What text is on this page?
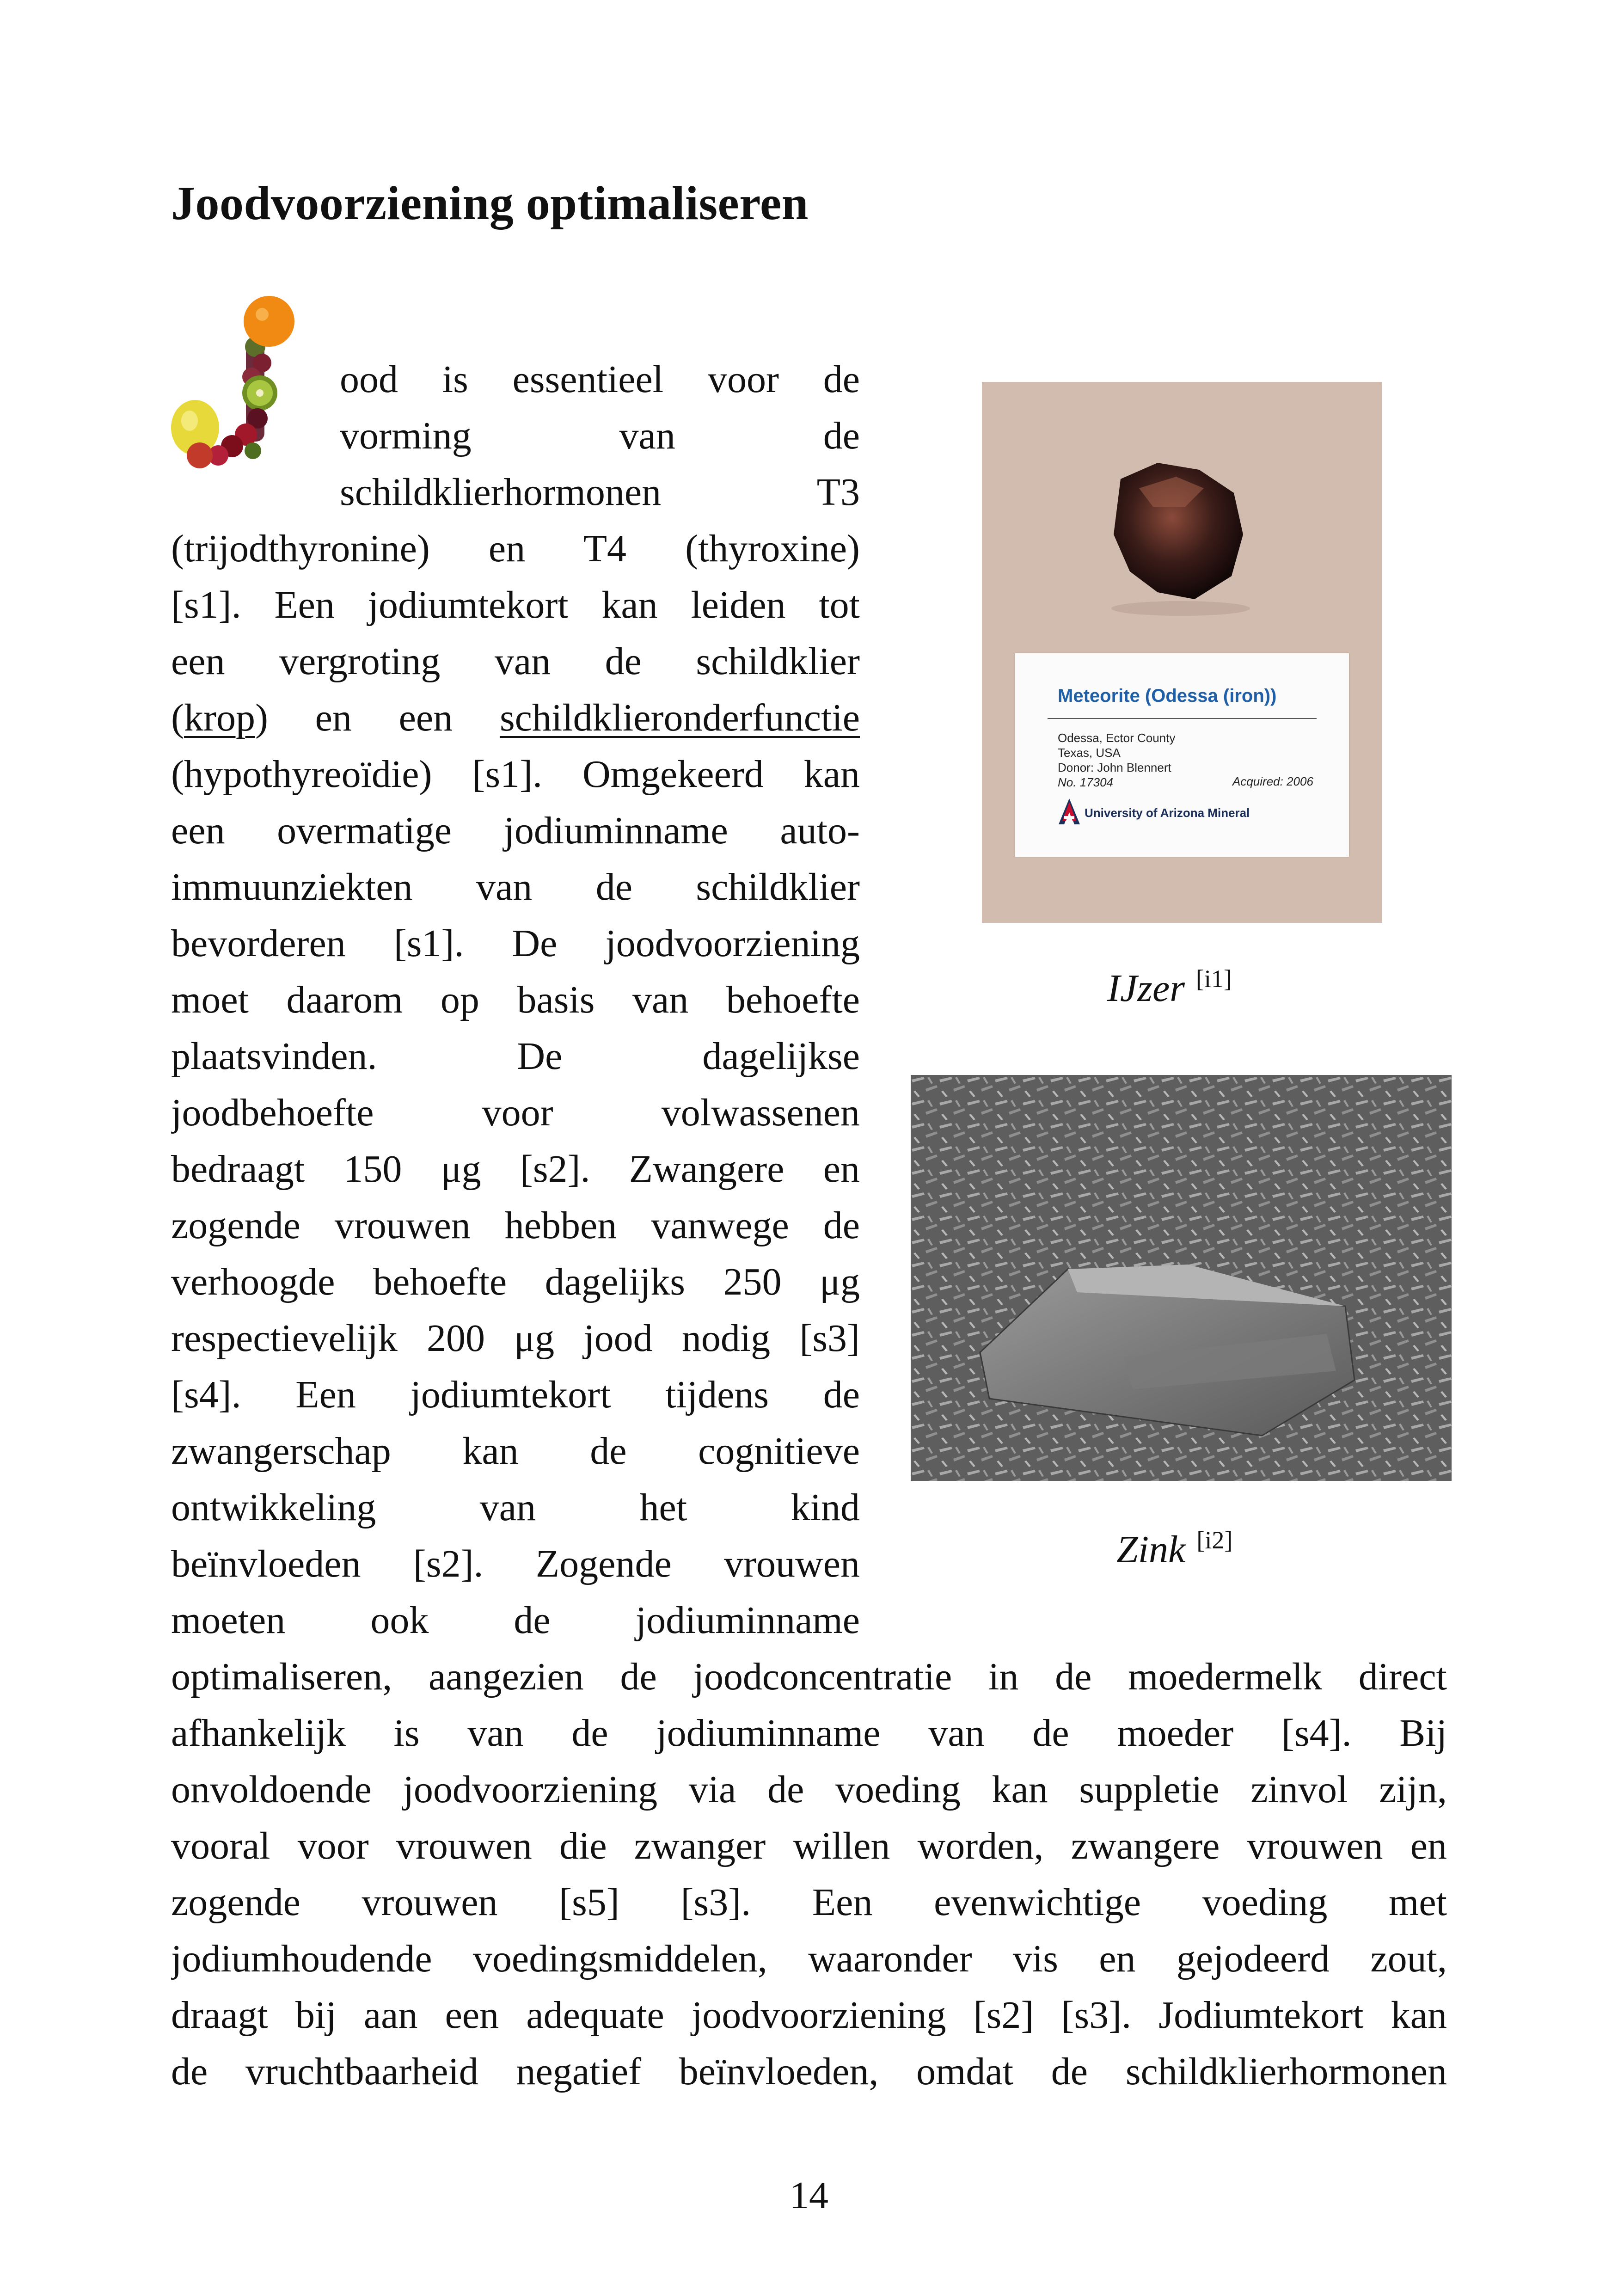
Joodvoorziening optimaliseren
ood is essentieel voor de
vorming van de
schildklierhormonen T3
(trijodthyronine) en T4 (thyroxine)
[s1]. Een jodiumtekort kan leiden tot
een vergroting van de schildklier
(krop) en een schildklieronderfunctie
(hypothyreoïdie) [s1]. Omgekeerd kan
een overmatige jodiuminname auto-
immuunziekten van de schildklier
bevorderen [s1]. De joodvoorziening
moet daarom op basis van behoefte
plaatsvinden. De dagelijkse
joodbehoefte voor volwassenen
bedraagt 150 μg [s2]. Zwangere en
zogende vrouwen hebben vanwege de
verhoogde behoefte dagelijks 250 μg
respectievelijk 200 μg jood nodig [s3]
[s4]. Een jodiumtekort tijdens de
zwangerschap kan de cognitieve
ontwikkeling van het kind
beïnvloeden [s2]. Zogende vrouwen
moeten ook de jodiuminname
optimaliseren, aangezien de joodconcentratie in de moedermelk direct
afhankelijk is van de jodiuminname van de moeder [s4]. Bij
onvoldoende joodvoorziening via de voeding kan suppletie zinvol zijn,
vooral voor vrouwen die zwanger willen worden, zwangere vrouwen en
zogende vrouwen [s5] [s3]. Een evenwichtige voeding met
jodiumhoudende voedingsmiddelen, waaronder vis en gejodeerd zout,
draagt bij aan een adequate joodvoorziening [s2] [s3]. Jodiumtekort kan
de vruchtbaarheid negatief beïnvloeden, omdat de schildklierhormonen
Meteorite (Odessa (iron))
Odessa, Ector County
Texas, USA
Donor: John Blennert
No. 17304	Acquired: 2006
University of Arizona Mineral
IJzer [i1]
Zink [i2]
14
